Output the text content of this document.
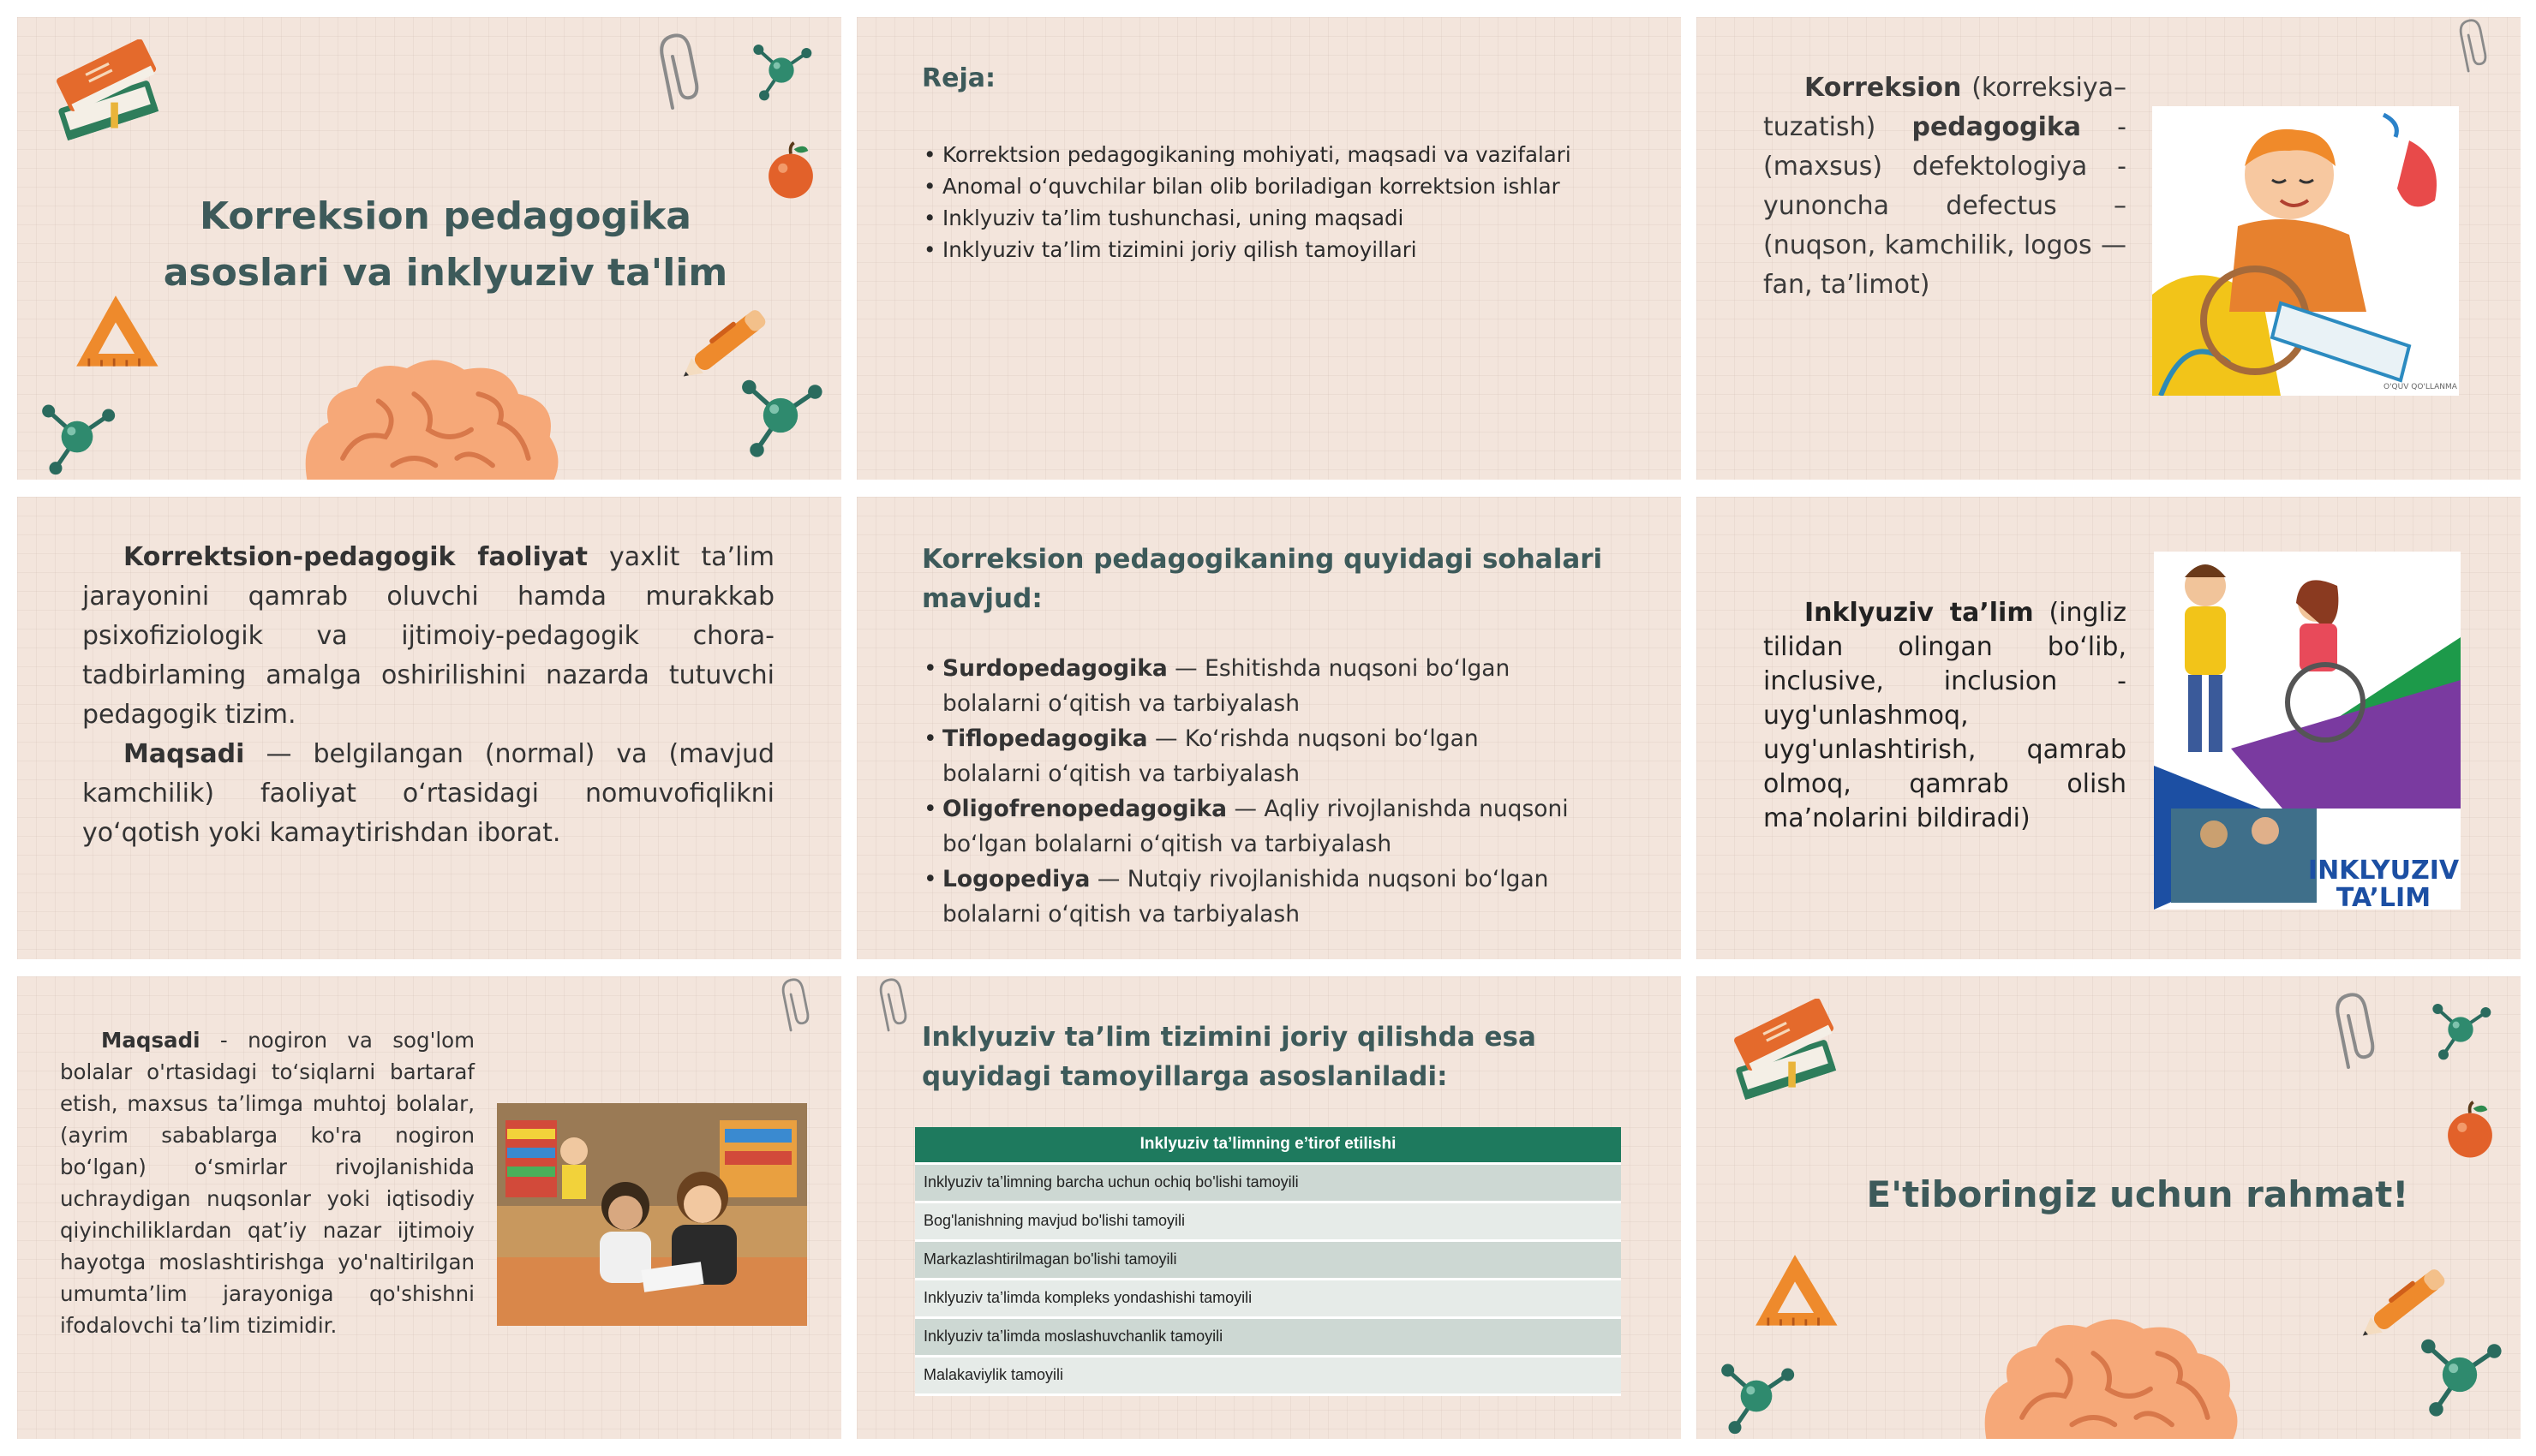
Korreksion pedagogika
asoslari va inklyuziv ta'lim
Reja:
• Korrektsion pedagogikaning mohiyati, maqsadi va vazifalari
• Anomal o‘quvchilar bilan olib boriladigan korrektsion ishlar
• Inklyuziv ta’lim tushunchasi, uning maqsadi
• Inklyuziv ta’lim tizimini joriy qilish tamoyillari
Korreksion (korreksiya–tuzatish) pedagogika - (maxsus) defektologiya - yunoncha defectus – (nuqson, kamchilik, logos — fan, ta’limot)
O'QUV QO'LLANMA
Korrektsion-pedagogik faoliyat yaxlit ta’lim jarayonini qamrab oluvchi hamda murakkab psixofiziologik va ijtimoiy-pedagogik chora-tadbirlaming amalga oshirilishini nazarda tutuvchi pedagogik tizim.
Maqsadi — belgilangan (normal) va (mavjud kamchilik) faoliyat o‘rtasidagi nomuvofiqlikni yo‘qotish yoki kamaytirishdan iborat.
Korreksion pedagogikaning quyidagi sohalari mavjud:
• Surdopedagogika — Eshitishda nuqsoni bo‘lgan bolalarni o‘qitish va tarbiyalash
• Tiflopedagogika — Ko‘rishda nuqsoni bo‘lgan bolalarni o‘qitish va tarbiyalash
• Oligofrenopedagogika — Aqliy rivojlanishda nuqsoni bo‘lgan bolalarni o‘qitish va tarbiyalash
• Logopediya — Nutqiy rivojlanishida nuqsoni bo‘lgan bolalarni o‘qitish va tarbiyalash
Inklyuziv ta’lim (ingliz tilidan olingan bo‘lib, inclusive, inclusion - uyg'unlashmoq, uyg'unlashtirish, qamrab olmoq, qamrab olish ma’nolarini bildiradi)
INKLYUZIV
TA’LIM
Maqsadi - nogiron va sog'lom bolalar o'rtasidagi to‘siqlarni bartaraf etish, maxsus ta’limga muhtoj bolalar, (ayrim sabablarga ko'ra nogiron bo‘lgan) o‘smirlar rivojlanishida uchraydigan nuqsonlar yoki iqtisodiy qiyinchiliklardan qat’iy nazar ijtimoiy hayotga moslashtirishga yo'naltirilgan umumta’lim jarayoniga qo'shishni ifodalovchi ta’lim tizimidir.
Inklyuziv ta’lim tizimini joriy qilishda esa quyidagi tamoyillarga asoslaniladi:
Inklyuziv ta’limning e’tirof etilishi
Inklyuziv ta’limning barcha uchun ochiq bo'lishi tamoyili
Bog'lanishning mavjud bo'lishi tamoyili
Markazlashtirilmagan bo'lishi tamoyili
Inklyuziv ta’limda kompleks yondashishi tamoyili
Inklyuziv ta’limda moslashuvchanlik tamoyili
Malakaviylik tamoyili
E'tiboringiz uchun rahmat!
